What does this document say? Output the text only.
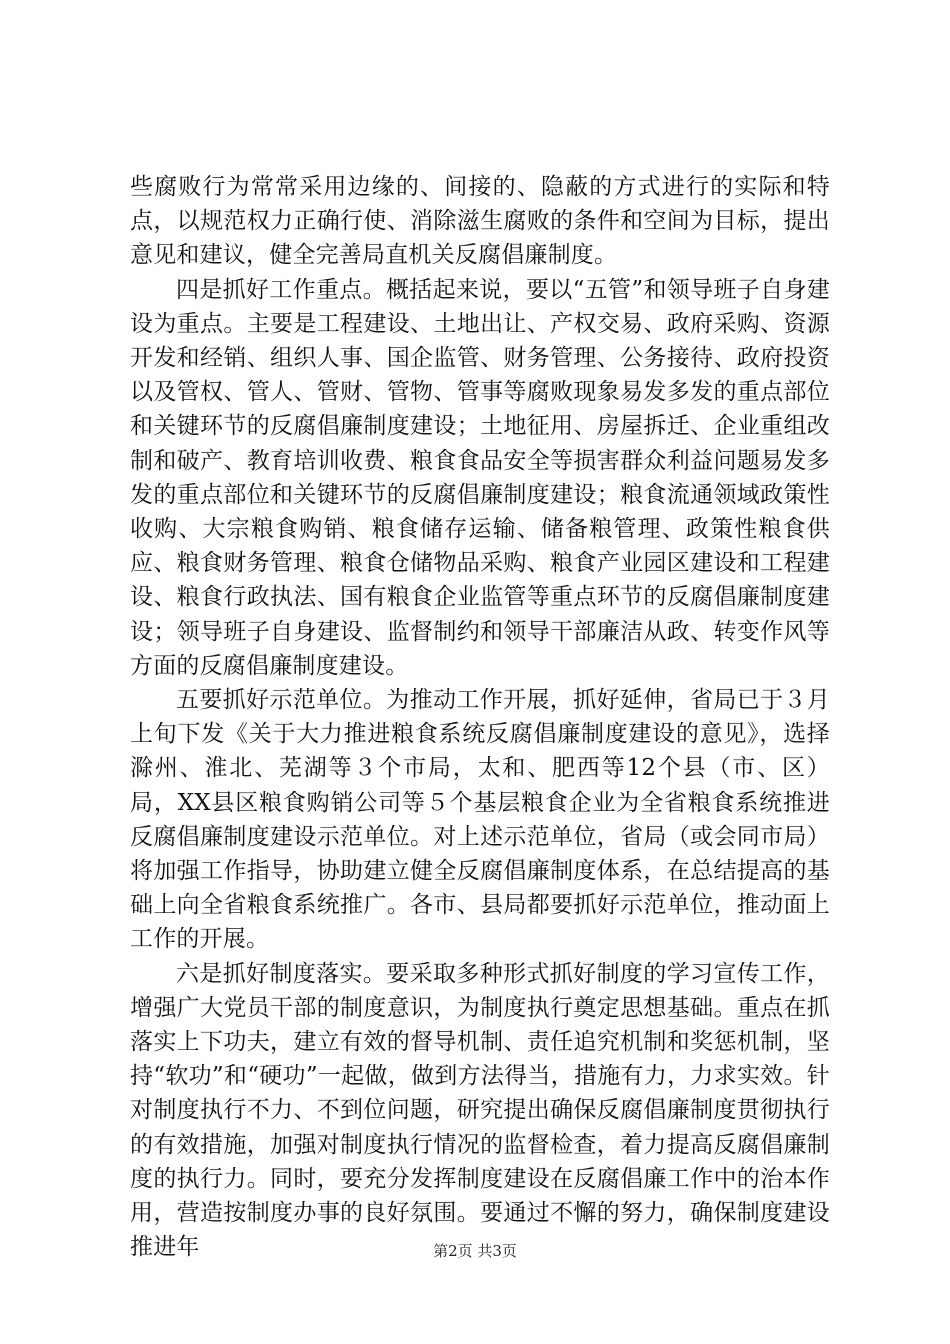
些腐败行为常常采用边缘的、间接的、隐蔽的方式进行的实际和特点，以规范权力正确行使、消除滋生腐败的条件和空间为目标，提出意见和建议，健全完善局直机关反腐倡廉制度。

四是抓好工作重点。概括起来说，要以“五管”和领导班子自身建设为重点。主要是工程建设、土地出让、产权交易、政府采购、资源开发和经销、组织人事、国企监管、财务管理、公务接待、政府投资以及管权、管人、管财、管物、管事等腐败现象易发多发的重点部位和关键环节的反腐倡廉制度建设；土地征用、房屋拆迁、企业重组改制和破产、教育培训收费、粮食食品安全等损害群众利益问题易发多发的重点部位和关键环节的反腐倡廉制度建设；粮食流通领域政策性收购、大宗粮食购销、粮食储存运输、储备粮管理、政策性粮食供应、粮食财务管理、粮食仓储物品采购、粮食产业园区建设和工程建设、粮食行政执法、国有粮食企业监管等重点环节的反腐倡廉制度建设；领导班子自身建设、监督制约和领导干部廉洁从政、转变作风等方面的反腐倡廉制度建设。

五要抓好示范单位。为推动工作开展，抓好延伸，省局已于３月上旬下发《关于大力推进粮食系统反腐倡廉制度建设的意见》，选择滁州、淮北、芜湖等３个市局，太和、肥西等12个县（市、区）局，XX县区粮食购销公司等５个基层粮食企业为全省粮食系统推进反腐倡廉制度建设示范单位。对上述示范单位，省局（或会同市局）将加强工作指导，协助建立健全反腐倡廉制度体系，在总结提高的基础上向全省粮食系统推广。各市、县局都要抓好示范单位，推动面上工作的开展。

六是抓好制度落实。要采取多种形式抓好制度的学习宣传工作，增强广大党员干部的制度意识，为制度执行奠定思想基础。重点在抓落实上下功夫，建立有效的督导机制、责任追究机制和奖惩机制，坚持“软功”和“硬功”一起做，做到方法得当，措施有力，力求实效。针对制度执行不力、不到位问题，研究提出确保反腐倡廉制度贯彻执行的有效措施，加强对制度执行情况的监督检查，着力提高反腐倡廉制度的执行力。同时，要充分发挥制度建设在反腐倡廉工作中的治本作用，营造按制度办事的良好氛围。要通过不懈的努力，确保制度建设推进年	第2页 共3页
